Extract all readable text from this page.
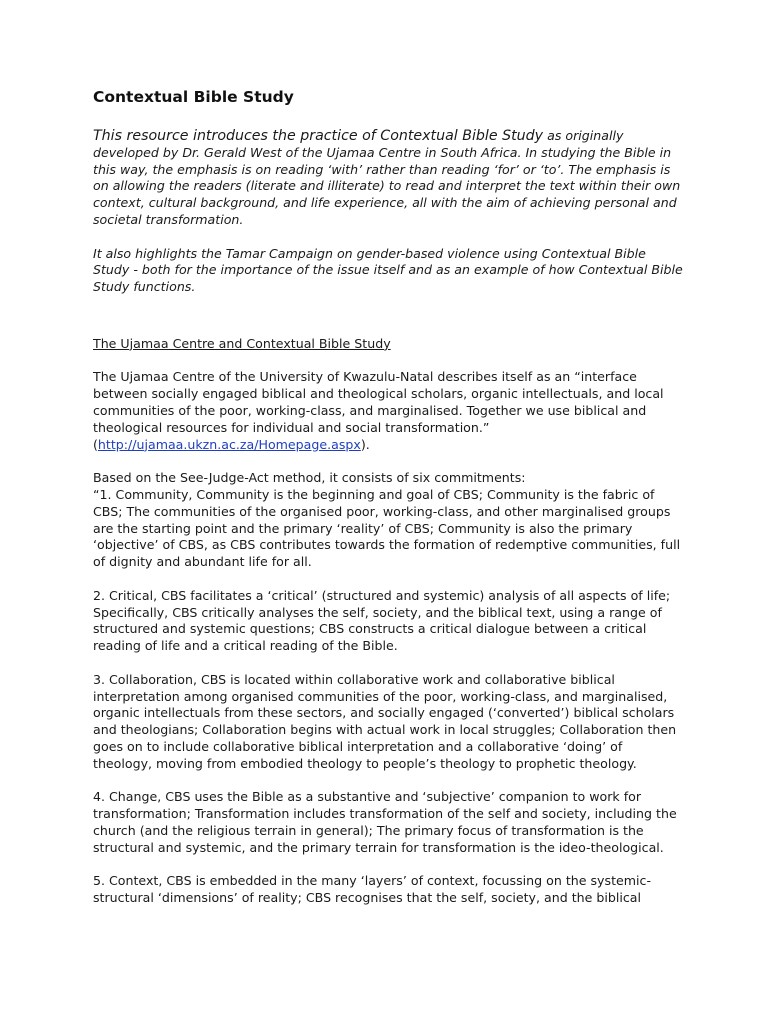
Contextual Bible Study

This resource introduces the practice of Contextual Bible Study as originally developed by Dr. Gerald West of the Ujamaa Centre in South Africa. In studying the Bible in this way, the emphasis is on reading ‘with’ rather than reading ‘for’ or ‘to’. The emphasis is on allowing the readers (literate and illiterate) to read and interpret the text within their own context, cultural background, and life experience, all with the aim of achieving personal and societal transformation.

It also highlights the Tamar Campaign on gender-based violence using Contextual Bible Study - both for the importance of the issue itself and as an example of how Contextual Bible Study functions.

The Ujamaa Centre and Contextual Bible Study

The Ujamaa Centre of the University of Kwazulu-Natal describes itself as an “interface between socially engaged biblical and theological scholars, organic intellectuals, and local communities of the poor, working-class, and marginalised. Together we use biblical and theological resources for individual and social transformation.”
(http://ujamaa.ukzn.ac.za/Homepage.aspx).

Based on the See-Judge-Act method, it consists of six commitments:

“1. Community, Community is the beginning and goal of CBS; Community is the fabric of CBS; The communities of the organised poor, working-class, and other marginalised groups are the starting point and the primary ‘reality’ of CBS; Community is also the primary ‘objective’ of CBS, as CBS contributes towards the formation of redemptive communities, full of dignity and abundant life for all.

2. Critical, CBS facilitates a ‘critical’ (structured and systemic) analysis of all aspects of life; Specifically, CBS critically analyses the self, society, and the biblical text, using a range of structured and systemic questions; CBS constructs a critical dialogue between a critical reading of life and a critical reading of the Bible.

3. Collaboration, CBS is located within collaborative work and collaborative biblical interpretation among organised communities of the poor, working-class, and marginalised, organic intellectuals from these sectors, and socially engaged (‘converted’) biblical scholars and theologians; Collaboration begins with actual work in local struggles; Collaboration then goes on to include collaborative biblical interpretation and a collaborative ‘doing’ of theology, moving from embodied theology to people’s theology to prophetic theology.

4. Change, CBS uses the Bible as a substantive and ‘subjective’ companion to work for transformation; Transformation includes transformation of the self and society, including the church (and the religious terrain in general); The primary focus of transformation is the structural and systemic, and the primary terrain for transformation is the ideo-theological.

5. Context, CBS is embedded in the many ‘layers’ of context, focussing on the systemic-structural ‘dimensions’ of reality; CBS recognises that the self, society, and the biblical
